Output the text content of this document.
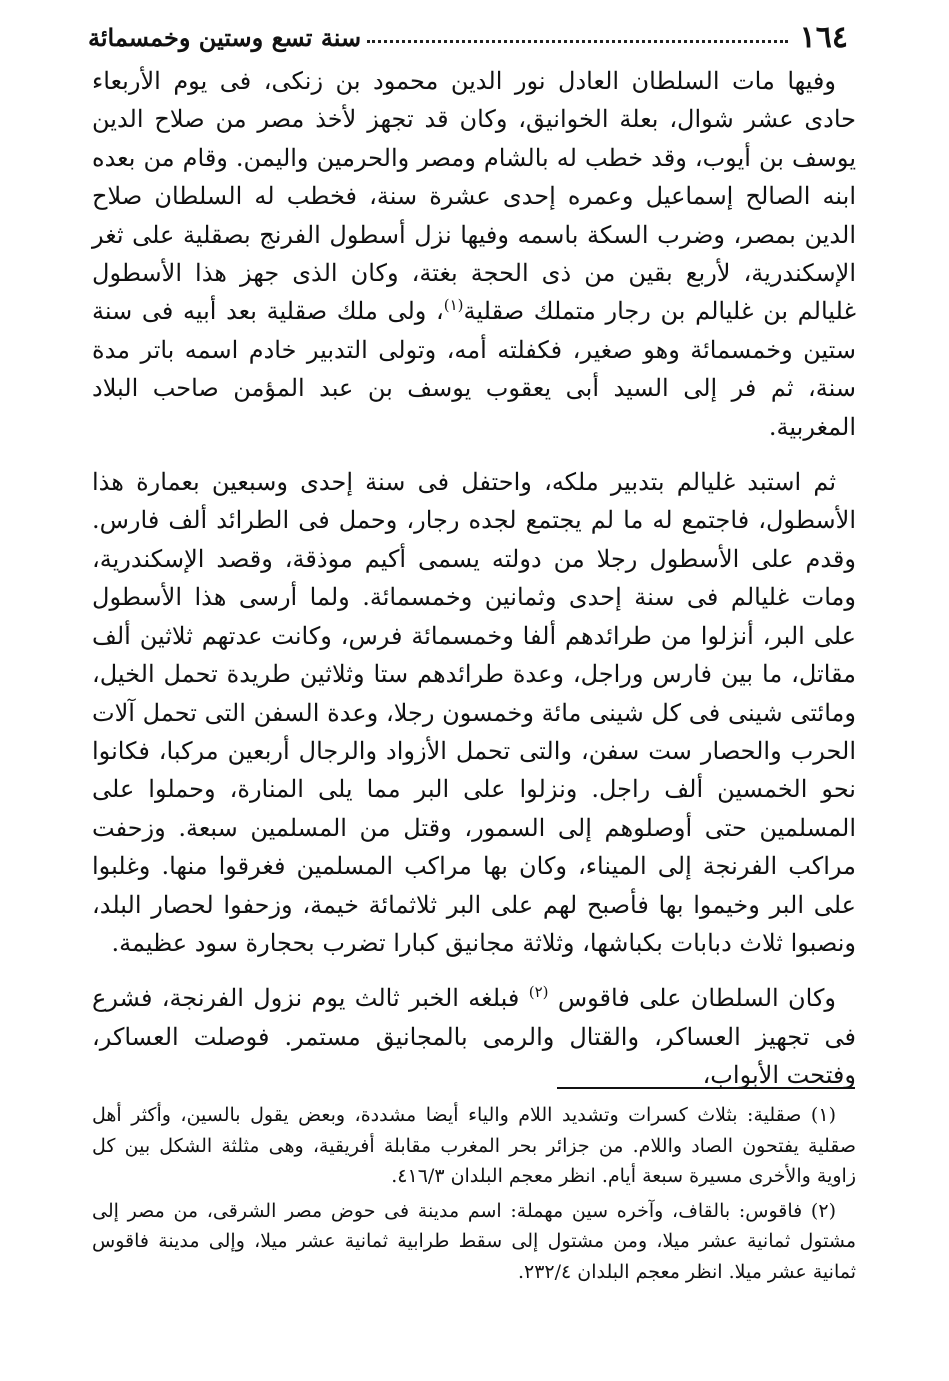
١٦٤
سنة تسع وستين وخمسمائة

وفيها مات السلطان العادل نور الدين محمود بن زنكى، فى يوم الأربعاء حادى عشر شوال، بعلة الخوانيق، وكان قد تجهز لأخذ مصر من صلاح الدين يوسف بن أيوب، وقد خطب له بالشام ومصر والحرمين واليمن. وقام من بعده ابنه الصالح إسماعيل وعمره إحدى عشرة سنة، فخطب له السلطان صلاح الدين بمصر، وضرب السكة باسمه وفيها نزل أسطول الفرنج بصقلية على ثغر الإسكندرية، لأربع بقين من ذى الحجة بغتة، وكان الذى جهز هذا الأسطول غليالم بن غليالم بن رجار متملك صقلية$^{(١)}$، ولى ملك صقلية بعد أبيه فى سنة ستين وخمسمائة وهو صغير، فكفلته أمه، وتولى التدبير خادم اسمه باتر مدة سنة، ثم فر إلى السيد أبى يعقوب يوسف بن عبد المؤمن صاحب البلاد المغربية.

ثم استبد غليالم بتدبير ملكه، واحتفل فى سنة إحدى وسبعين بعمارة هذا الأسطول، فاجتمع له ما لم يجتمع لجده رجار، وحمل فى الطرائد ألف فارس. وقدم على الأسطول رجلا من دولته يسمى أكيم موذقة، وقصد الإسكندرية، ومات غليالم فى سنة إحدى وثمانين وخمسمائة. ولما أرسى هذا الأسطول على البر، أنزلوا من طرائدهم ألفا وخمسمائة فرس، وكانت عدتهم ثلاثين ألف مقاتل، ما بين فارس وراجل، وعدة طرائدهم ستا وثلاثين طريدة تحمل الخيل، ومائتى شينى فى كل شينى مائة وخمسون رجلا، وعدة السفن التى تحمل آلات الحرب والحصار ست سفن، والتى تحمل الأزواد والرجال أربعين مركبا، فكانوا نحو الخمسين ألف راجل. ونزلوا على البر مما يلى المنارة، وحملوا على المسلمين حتى أوصلوهم إلى السمور، وقتل من المسلمين سبعة. وزحفت مراكب الفرنجة إلى الميناء، وكان بها مراكب المسلمين فغرقوا منها. وغلبوا على البر وخيموا بها فأصبح لهم على البر ثلاثمائة خيمة، وزحفوا لحصار البلد، ونصبوا ثلاث دبابات بكباشها، وثلاثة مجانيق كبارا تضرب بحجارة سود عظيمة.

وكان السلطان على فاقوس $^{(٢)}$ فبلغه الخبر ثالث يوم نزول الفرنجة، فشرع فى تجهيز العساكر، والقتال والرمى بالمجانيق مستمر. فوصلت العساكر، وفتحت الأبواب،

(١) صقلية: بثلاث كسرات وتشديد اللام والياء أيضا مشددة، وبعض يقول بالسين، وأكثر أهل صقلية يفتحون الصاد واللام. من جزائر بحر المغرب مقابلة أفريقية، وهى مثلثة الشكل بين كل زاوية والأخرى مسيرة سبعة أيام. انظر معجم البلدان ٤١٦/٣.

(٢) فاقوس: بالقاف، وآخره سين مهملة: اسم مدينة فى حوض مصر الشرقى، من مصر إلى مشتول ثمانية عشر ميلا، ومن مشتول إلى سقط طرابية ثمانية عشر ميلا، وإلى مدينة فاقوس ثمانية عشر ميلا. انظر معجم البلدان ٢٣٢/٤.
